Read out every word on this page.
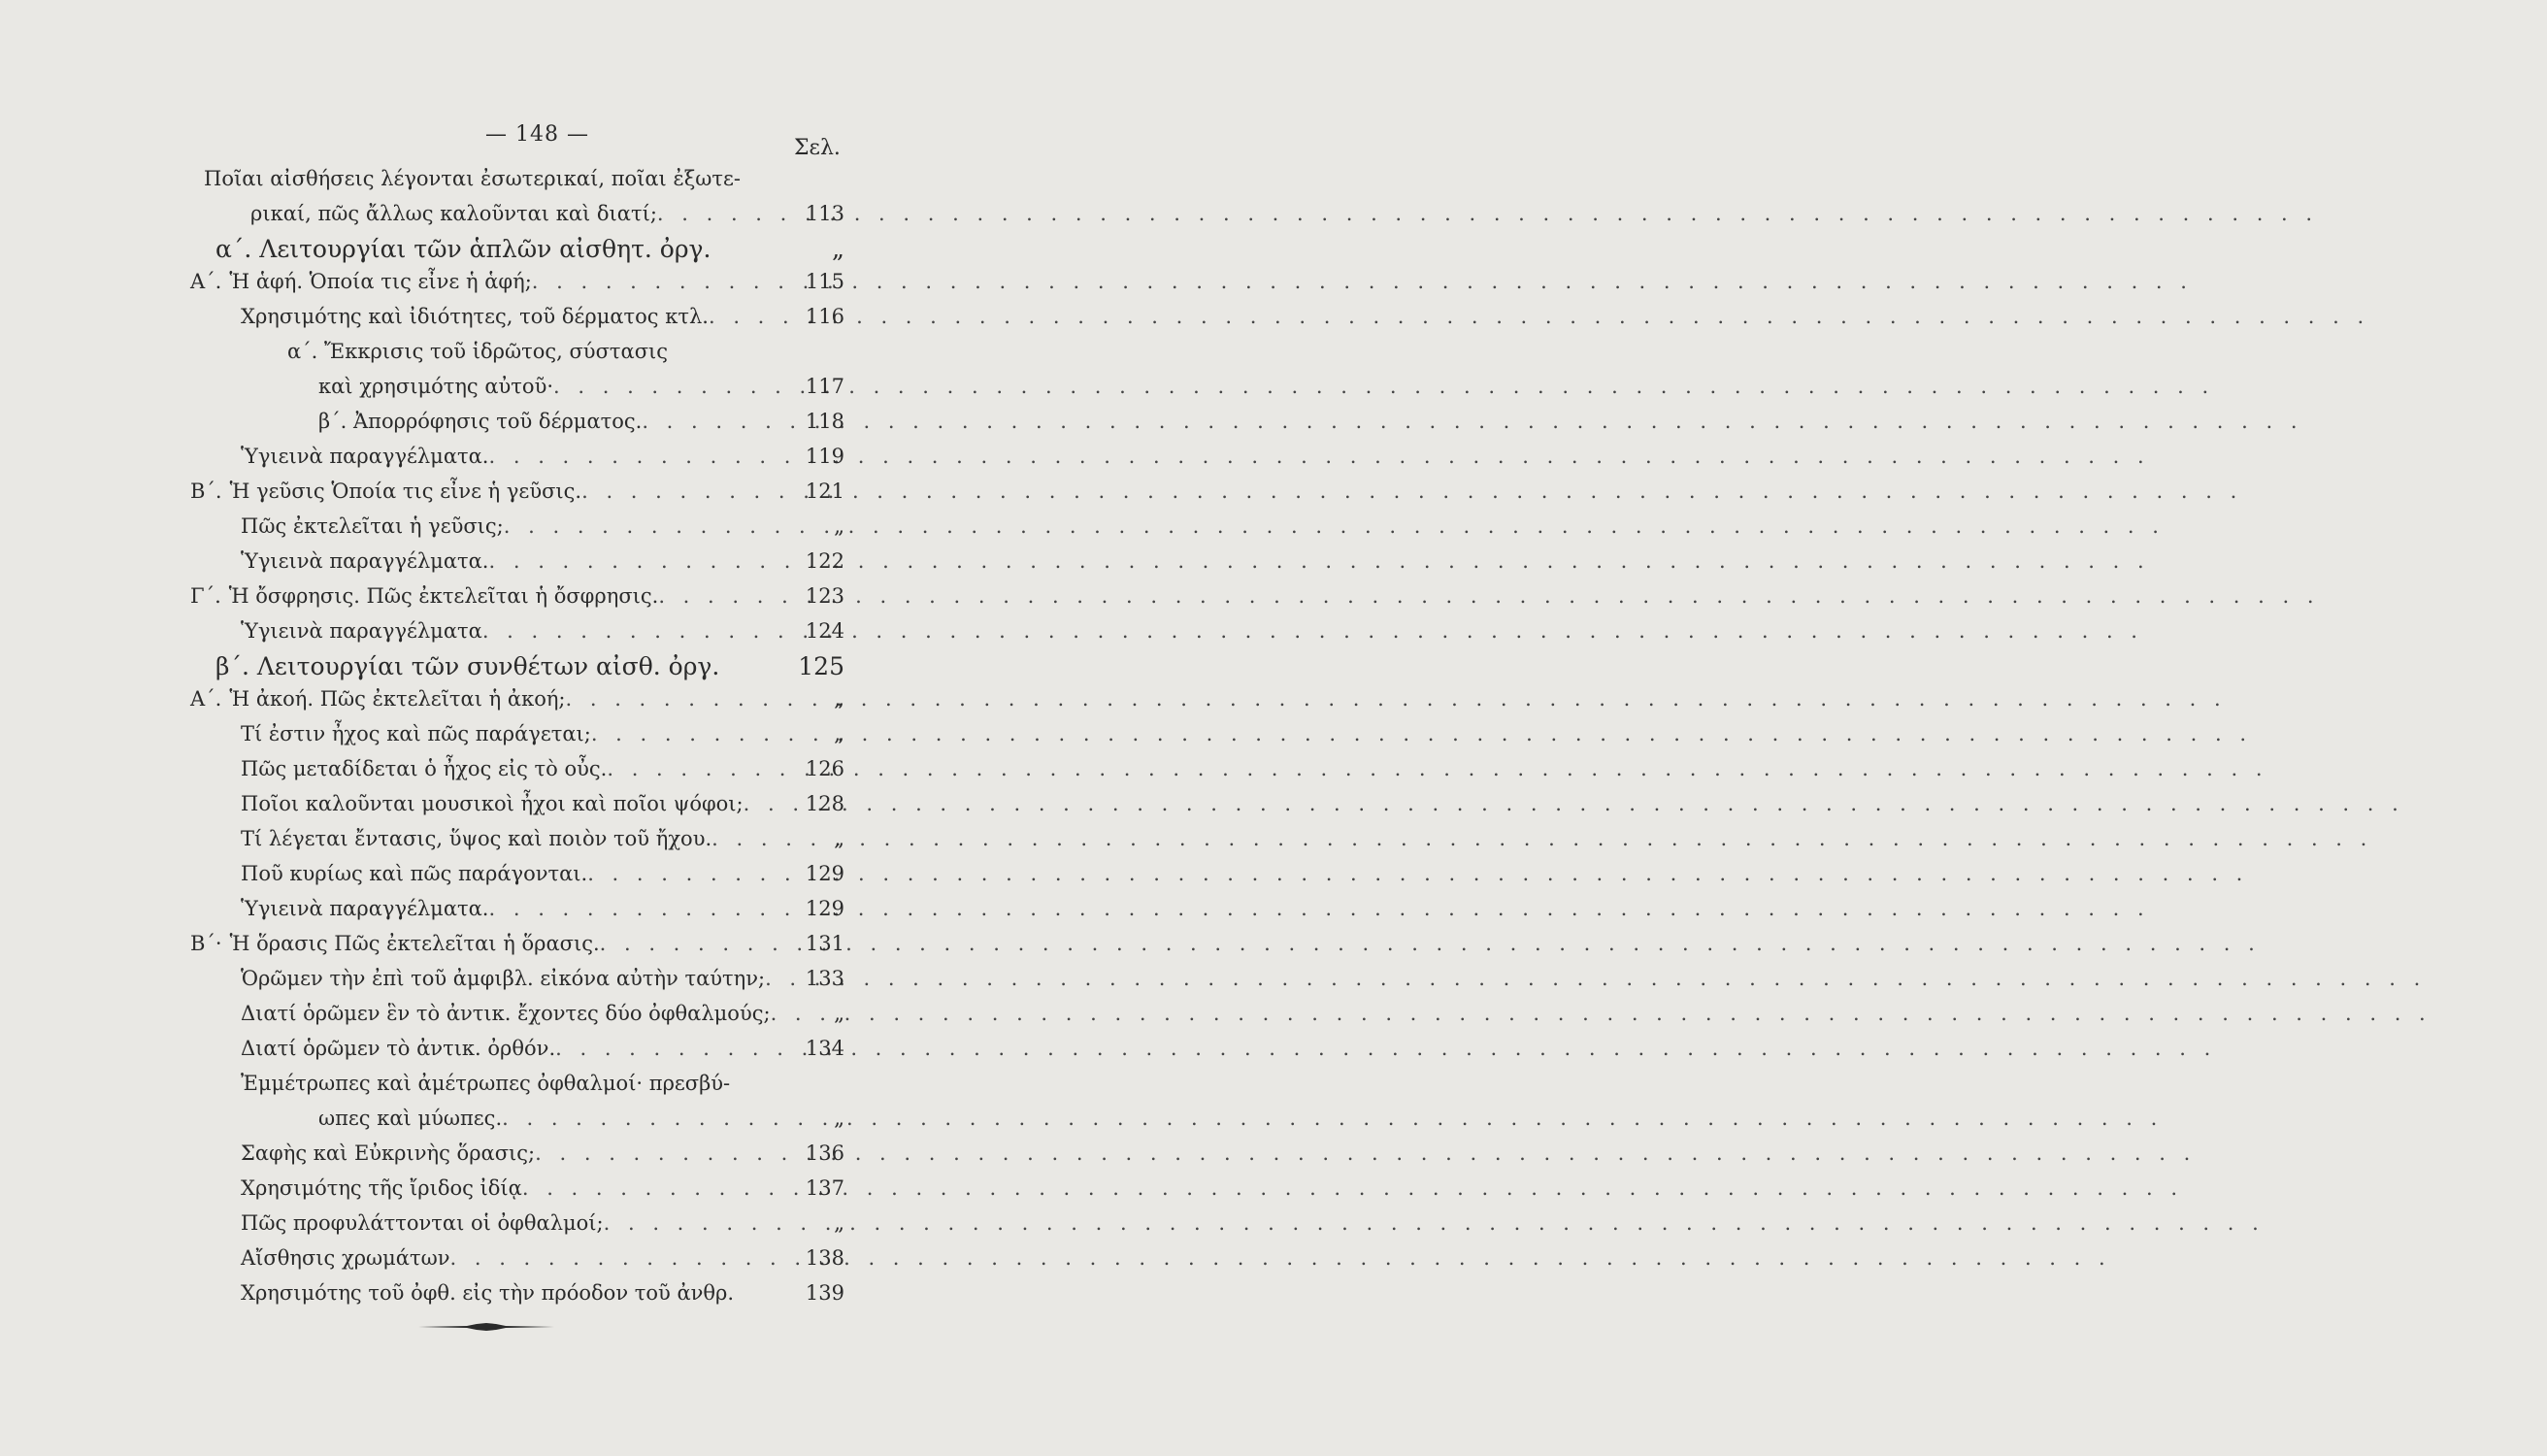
— 148 —
Σελ.
Ποῖαι αἰσθήσεις λέγονται ἐσωτερικαί, ποῖαι ἐξωτε-
ρικαί, πῶς ἄλλως καλοῦνται καὶ διατί; . . .	113
α΄. Λειτουργίαι τῶν ἁπλῶν αἰσθητ. ὀργ.	„
Α΄. Ἡ ἁφή. Ὁποία τις εἶνε ἡ ἁφή; . . .	115
Χρησιμότης καὶ ἰδιότητες, τοῦ δέρματος κτλ. . . .	116
α΄. Ἔκκρισις τοῦ ἱδρῶτος, σύστασις
καὶ χρησιμότης αὐτοῦ· . . .	117
β΄. Ἀπορρόφησις τοῦ δέρματος. . . .	118
Ὑγιεινὰ παραγγέλματα. . . .	119
Β΄. Ἡ γεῦσις Ὁποία τις εἶνε ἡ γεῦσις. . . .	121
Πῶς ἐκτελεῖται ἡ γεῦσις; . . .	„
Ὑγιεινὰ παραγγέλματα. . . .	122
Γ΄. Ἡ ὄσφρησις. Πῶς ἐκτελεῖται ἡ ὄσφρησις. . . .	123
Ὑγιεινὰ παραγγέλματα . . .	124
β΄. Λειτουργίαι τῶν συνθέτων αἰσθ. ὀργ.	125
Α΄. Ἡ ἀκοή. Πῶς ἐκτελεῖται ἡ ἀκοή; . . .	„
Τί ἐστιν ἦχος καὶ πῶς παράγεται; . . .	„
Πῶς μεταδίδεται ὁ ἦχος εἰς τὸ οὖς. . . .	126
Ποῖοι καλοῦνται μουσικοὶ ἦχοι καὶ ποῖοι ψόφοι; . . .	128
Τί λέγεται ἔντασις, ὕψος καὶ ποιὸν τοῦ ἤχου. . . .	„
Ποῦ κυρίως καὶ πῶς παράγονται. . . .	129
Ὑγιεινὰ παραγγέλματα. . . .	129
Β΄· Ἡ ὅρασις Πῶς ἐκτελεῖται ἡ ὅρασις. . . .	131
Ὁρῶμεν τὴν ἐπὶ τοῦ ἀμφιβλ. εἰκόνα αὐτὴν ταύτην; . . .	133
Διατί ὁρῶμεν ἓν τὸ ἀντικ. ἔχοντες δύο ὀφθαλμούς; . . .	„
Διατί ὁρῶμεν τὸ ἀντικ. ὀρθόν. . . .	134
Ἐμμέτρωπες καὶ ἀμέτρωπες ὀφθαλμοί· πρεσβύ-
ωπες καὶ μύωπες. . . .	„
Σαφὴς καὶ Εὐκρινὴς ὅρασις; . . .	136
Χρησιμότης τῆς ἴριδος ἰδίᾳ . . .	137
Πῶς προφυλάττονται οἱ ὀφθαλμοί; . . .	„
Αἴσθησις χρωμάτων . . .	138
Χρησιμότης τοῦ ὀφθ. εἰς τὴν πρόοδον τοῦ ἀνθρ.	139
